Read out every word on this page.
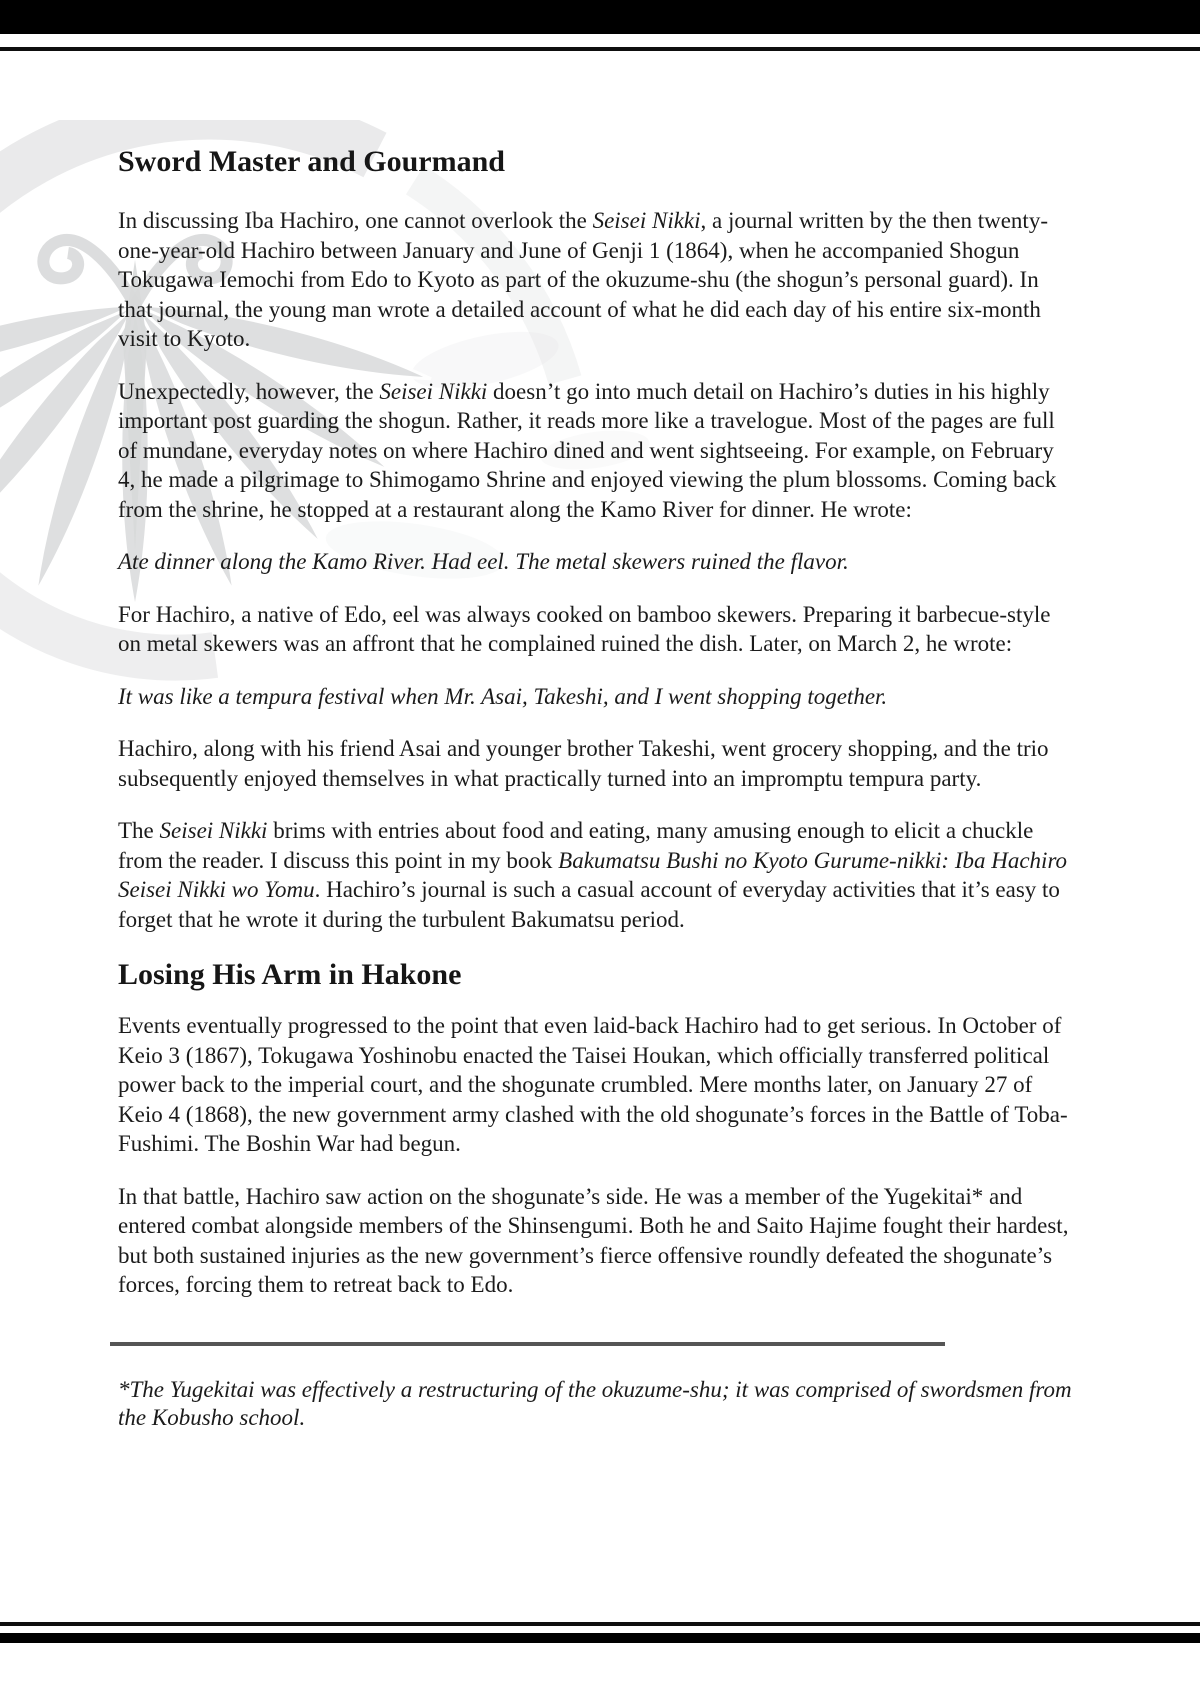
Sword Master and Gourmand

In discussing Iba Hachiro, one cannot overlook the Seisei Nikki, a journal written by the then twenty-one-year-old Hachiro between January and June of Genji 1 (1864), when he accompanied Shogun Tokugawa Iemochi from Edo to Kyoto as part of the okuzume-shu (the shogun’s personal guard). In that journal, the young man wrote a detailed account of what he did each day of his entire six-month visit to Kyoto.

Unexpectedly, however, the Seisei Nikki doesn’t go into much detail on Hachiro’s duties in his highly important post guarding the shogun. Rather, it reads more like a travelogue. Most of the pages are full of mundane, everyday notes on where Hachiro dined and went sightseeing. For example, on February 4, he made a pilgrimage to Shimogamo Shrine and enjoyed viewing the plum blossoms. Coming back from the shrine, he stopped at a restaurant along the Kamo River for dinner. He wrote:

Ate dinner along the Kamo River. Had eel. The metal skewers ruined the flavor.

For Hachiro, a native of Edo, eel was always cooked on bamboo skewers. Preparing it barbecue-style on metal skewers was an affront that he complained ruined the dish. Later, on March 2, he wrote:

It was like a tempura festival when Mr. Asai, Takeshi, and I went shopping together.

Hachiro, along with his friend Asai and younger brother Takeshi, went grocery shopping, and the trio subsequently enjoyed themselves in what practically turned into an impromptu tempura party.

The Seisei Nikki brims with entries about food and eating, many amusing enough to elicit a chuckle from the reader. I discuss this point in my book Bakumatsu Bushi no Kyoto Gurume-nikki: Iba Hachiro Seisei Nikki wo Yomu. Hachiro’s journal is such a casual account of everyday activities that it’s easy to forget that he wrote it during the turbulent Bakumatsu period.

Losing His Arm in Hakone

Events eventually progressed to the point that even laid-back Hachiro had to get serious. In October of Keio 3 (1867), Tokugawa Yoshinobu enacted the Taisei Houkan, which officially transferred political power back to the imperial court, and the shogunate crumbled. Mere months later, on January 27 of Keio 4 (1868), the new government army clashed with the old shogunate’s forces in the Battle of Toba-Fushimi. The Boshin War had begun.

In that battle, Hachiro saw action on the shogunate’s side. He was a member of the Yugekitai* and entered combat alongside members of the Shinsengumi. Both he and Saito Hajime fought their hardest, but both sustained injuries as the new government’s fierce offensive roundly defeated the shogunate’s forces, forcing them to retreat back to Edo.

*The Yugekitai was effectively a restructuring of the okuzume-shu; it was comprised of swordsmen from the Kobusho school.
